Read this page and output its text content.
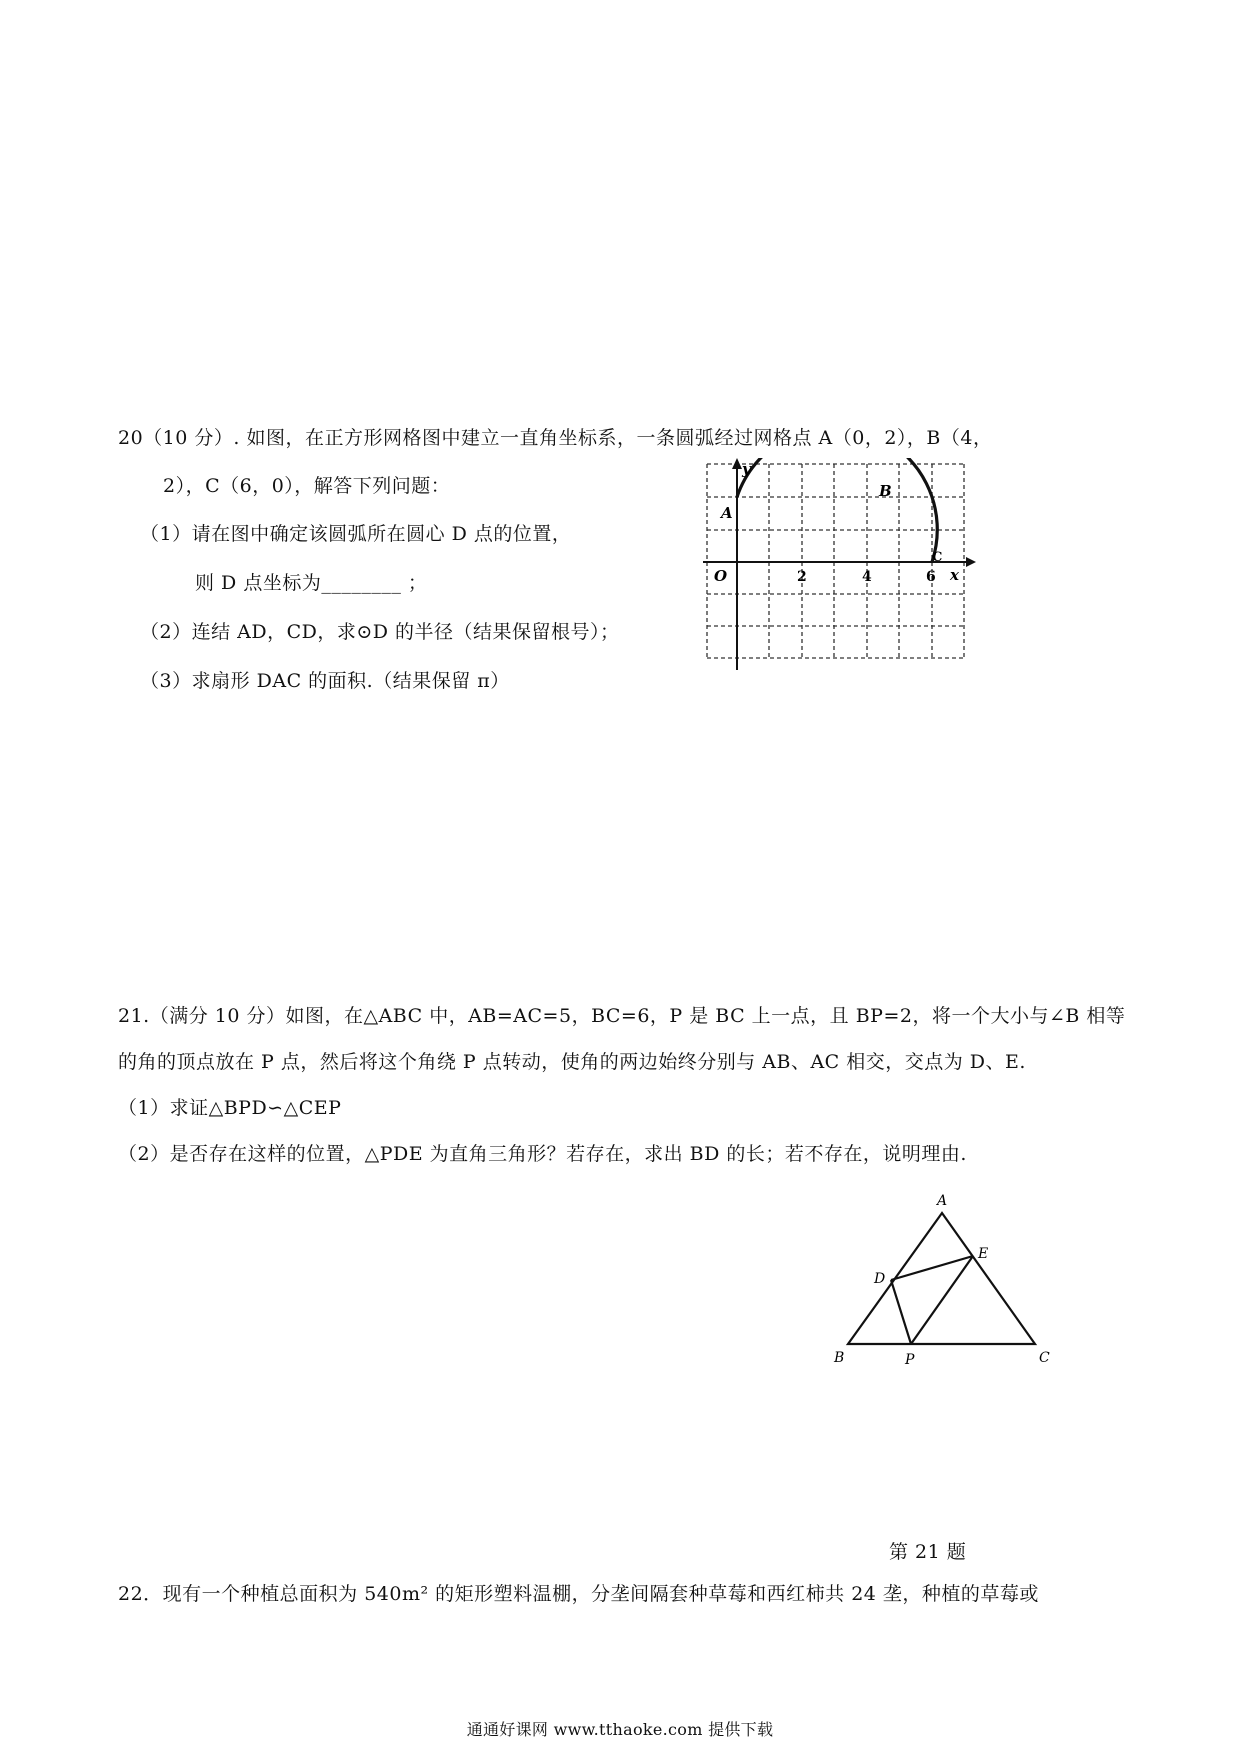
20（10 分）. 如图，在正方形网格图中建立一直角坐标系，一条圆弧经过网格点 A（0，2），B（4，
2），C（6，0），解答下列问题：
（1）请在图中确定该圆弧所在圆心 D 点的位置，
则 D 点坐标为________ ；
（2）连结 AD，CD，求⊙D 的半径（结果保留根号）；
（3）求扇形 DAC 的面积.（结果保留 π）
y
x
O	2	4	6
A
B
C
21.（满分 10 分）如图，在△ABC 中，AB=AC=5，BC=6，P 是 BC 上一点，且 BP=2，将一个大小与∠B 相等
的角的顶点放在 P 点，然后将这个角绕 P 点转动，使角的两边始终分别与 AB、AC 相交，交点为 D、E.
（1）求证△BPD∽△CEP
（2）是否存在这样的位置，△PDE 为直角三角形？若存在，求出 BD 的长；若不存在，说明理由.
A
B	C
D
E
P
第 21 题
22．现有一个种植总面积为 540m² 的矩形塑料温棚，分垄间隔套种草莓和西红柿共 24 垄，种植的草莓或
通通好课网 www.tthaoke.com 提供下载
